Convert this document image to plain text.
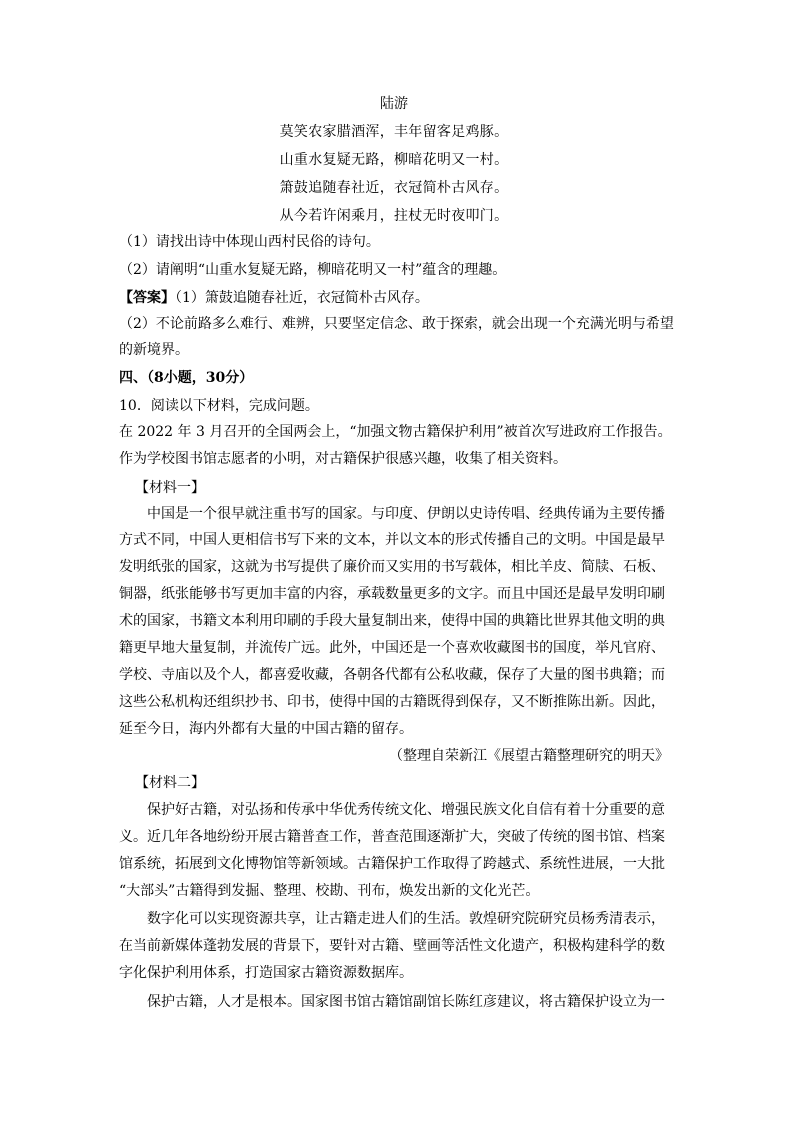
陆游
莫笑农家腊酒浑，丰年留客足鸡豚。
山重水复疑无路，柳暗花明又一村。
箫鼓追随春社近，衣冠简朴古风存。
从今若许闲乘月，拄杖无时夜叩门。
（1）请找出诗中体现山西村民俗的诗句。
（2）请阐明“山重水复疑无路，柳暗花明又一村”蕴含的理趣。
【答案】（1）箫鼓追随春社近，衣冠简朴古风存。
（2）不论前路多么难行、难辨，只要坚定信念、敢于探索，就会出现一个充满光明与希望
的新境界。
四、（8小题，30分）
10．阅读以下材料，完成问题。
在 2022 年 3 月召开的全国两会上，“加强文物古籍保护利用”被首次写进政府工作报告。
作为学校图书馆志愿者的小明，对古籍保护很感兴趣，收集了相关资料。
【材料一】
中国是一个很早就注重书写的国家。与印度、伊朗以史诗传唱、经典传诵为主要传播
方式不同，中国人更相信书写下来的文本，并以文本的形式传播自己的文明。中国是最早
发明纸张的国家，这就为书写提供了廉价而又实用的书写载体，相比羊皮、简牍、石板、
铜器，纸张能够书写更加丰富的内容，承载数量更多的文字。而且中国还是最早发明印刷
术的国家，书籍文本利用印刷的手段大量复制出来，使得中国的典籍比世界其他文明的典
籍更早地大量复制，并流传广远。此外，中国还是一个喜欢收藏图书的国度，举凡官府、
学校、寺庙以及个人，都喜爱收藏，各朝各代都有公私收藏，保存了大量的图书典籍；而
这些公私机构还组织抄书、印书，使得中国的古籍既得到保存，又不断推陈出新。因此，
延至今日，海内外都有大量的中国古籍的留存。
（整理自荣新江《展望古籍整理研究的明天》
【材料二】
保护好古籍，对弘扬和传承中华优秀传统文化、增强民族文化自信有着十分重要的意
义。近几年各地纷纷开展古籍普查工作，普查范围逐渐扩大，突破了传统的图书馆、档案
馆系统，拓展到文化博物馆等新领域。古籍保护工作取得了跨越式、系统性进展，一大批
“大部头”古籍得到发掘、整理、校勘、刊布，焕发出新的文化光芒。
数字化可以实现资源共享，让古籍走进人们的生活。敦煌研究院研究员杨秀清表示，
在当前新媒体蓬勃发展的背景下，要针对古籍、壁画等活性文化遗产，积极构建科学的数
字化保护利用体系，打造国家古籍资源数据库。
保护古籍，人才是根本。国家图书馆古籍馆副馆长陈红彦建议，将古籍保护设立为一
